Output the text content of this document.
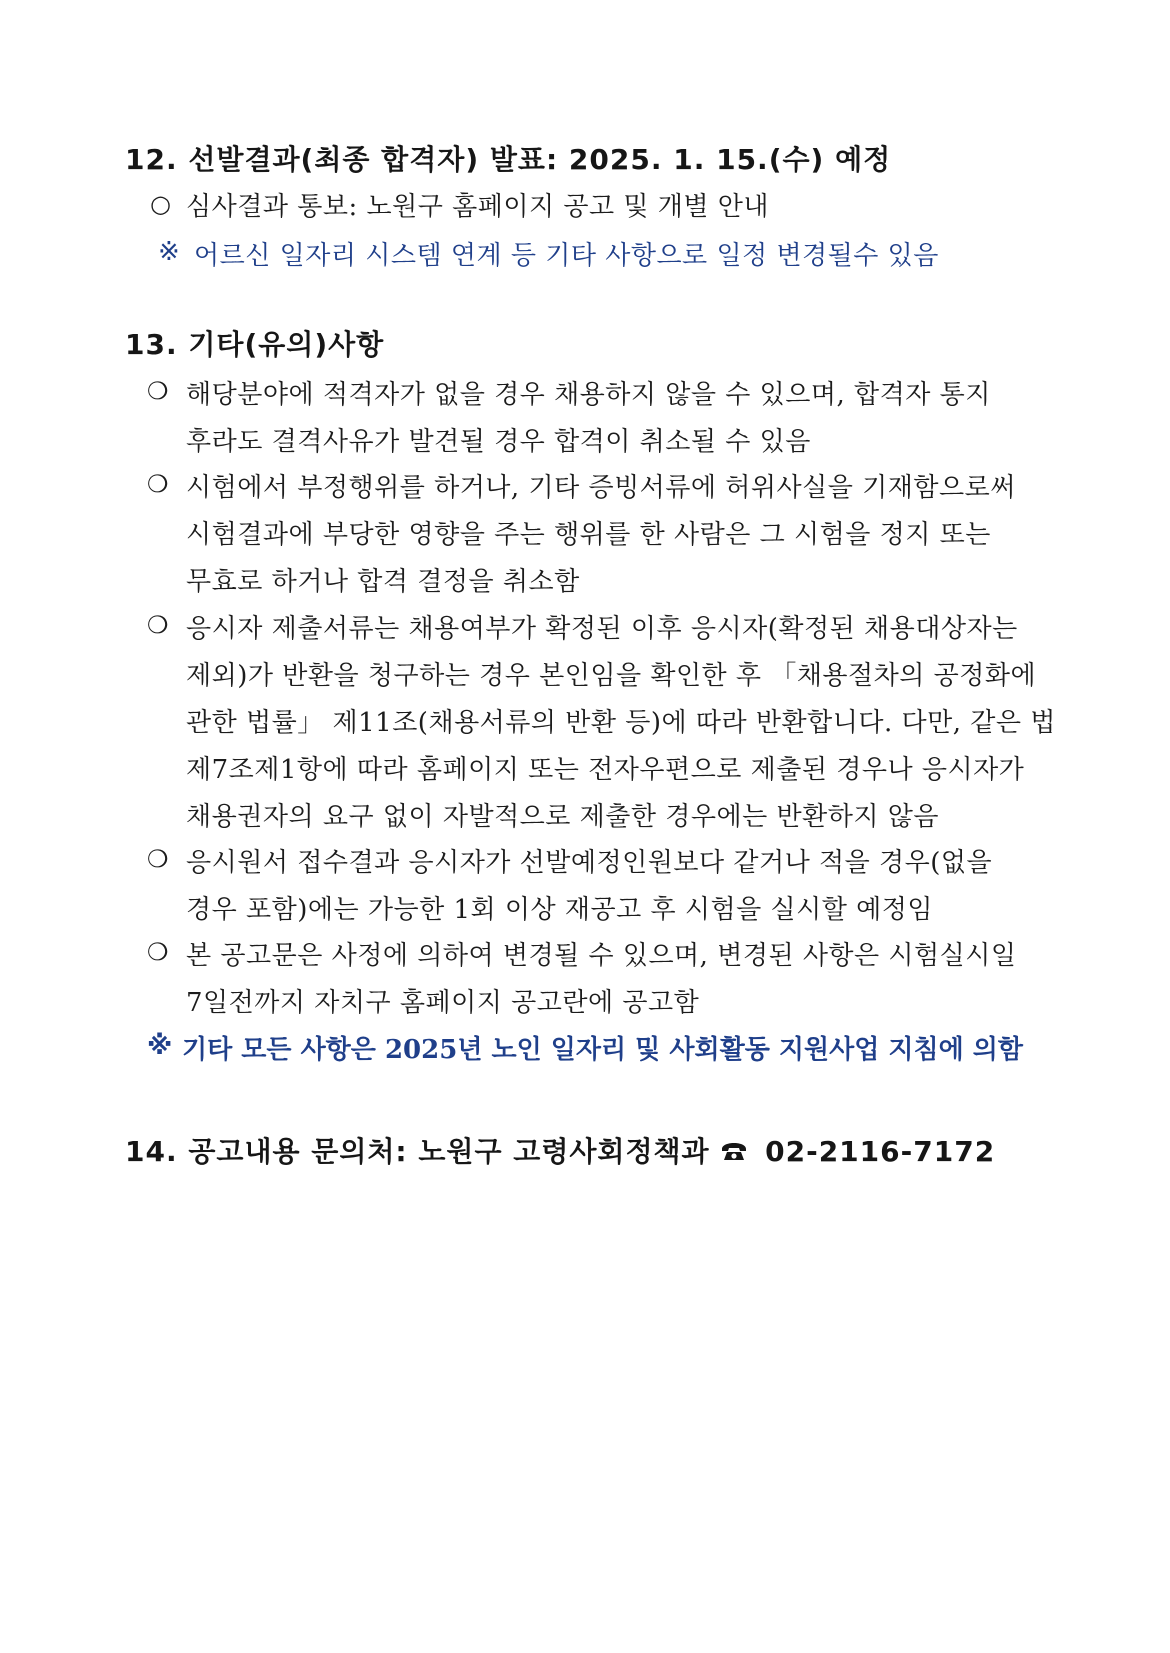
12. 선발결과(최종 합격자) 발표: 2025. 1. 15.(수) 예정
○ 심사결과 통보: 노원구 홈페이지 공고 및 개별 안내
※ 어르신 일자리 시스템 연계 등 기타 사항으로 일정 변경될수 있음
13. 기타(유의)사항
❍ 해당분야에 적격자가 없을 경우 채용하지 않을 수 있으며, 합격자 통지
후라도 결격사유가 발견될 경우 합격이 취소될 수 있음
❍ 시험에서 부정행위를 하거나, 기타 증빙서류에 허위사실을 기재함으로써
시험결과에 부당한 영향을 주는 행위를 한 사람은 그 시험을 정지 또는
무효로 하거나 합격 결정을 취소함
❍ 응시자 제출서류는 채용여부가 확정된 이후 응시자(확정된 채용대상자는
제외)가 반환을 청구하는 경우 본인임을 확인한 후 「채용절차의 공정화에
관한 법률」 제11조(채용서류의 반환 등)에 따라 반환합니다. 다만, 같은 법
제7조제1항에 따라 홈페이지 또는 전자우편으로 제출된 경우나 응시자가
채용권자의 요구 없이 자발적으로 제출한 경우에는 반환하지 않음
❍ 응시원서 접수결과 응시자가 선발예정인원보다 같거나 적을 경우(없을
경우 포함)에는 가능한 1회 이상 재공고 후 시험을 실시할 예정임
❍ 본 공고문은 사정에 의하여 변경될 수 있으며, 변경된 사항은 시험실시일
7일전까지 자치구 홈페이지 공고란에 공고함
※ 기타 모든 사항은 2025년 노인 일자리 및 사회활동 지원사업 지침에 의함
14. 공고내용 문의처: 노원구 고령사회정책과 02-2116-7172
